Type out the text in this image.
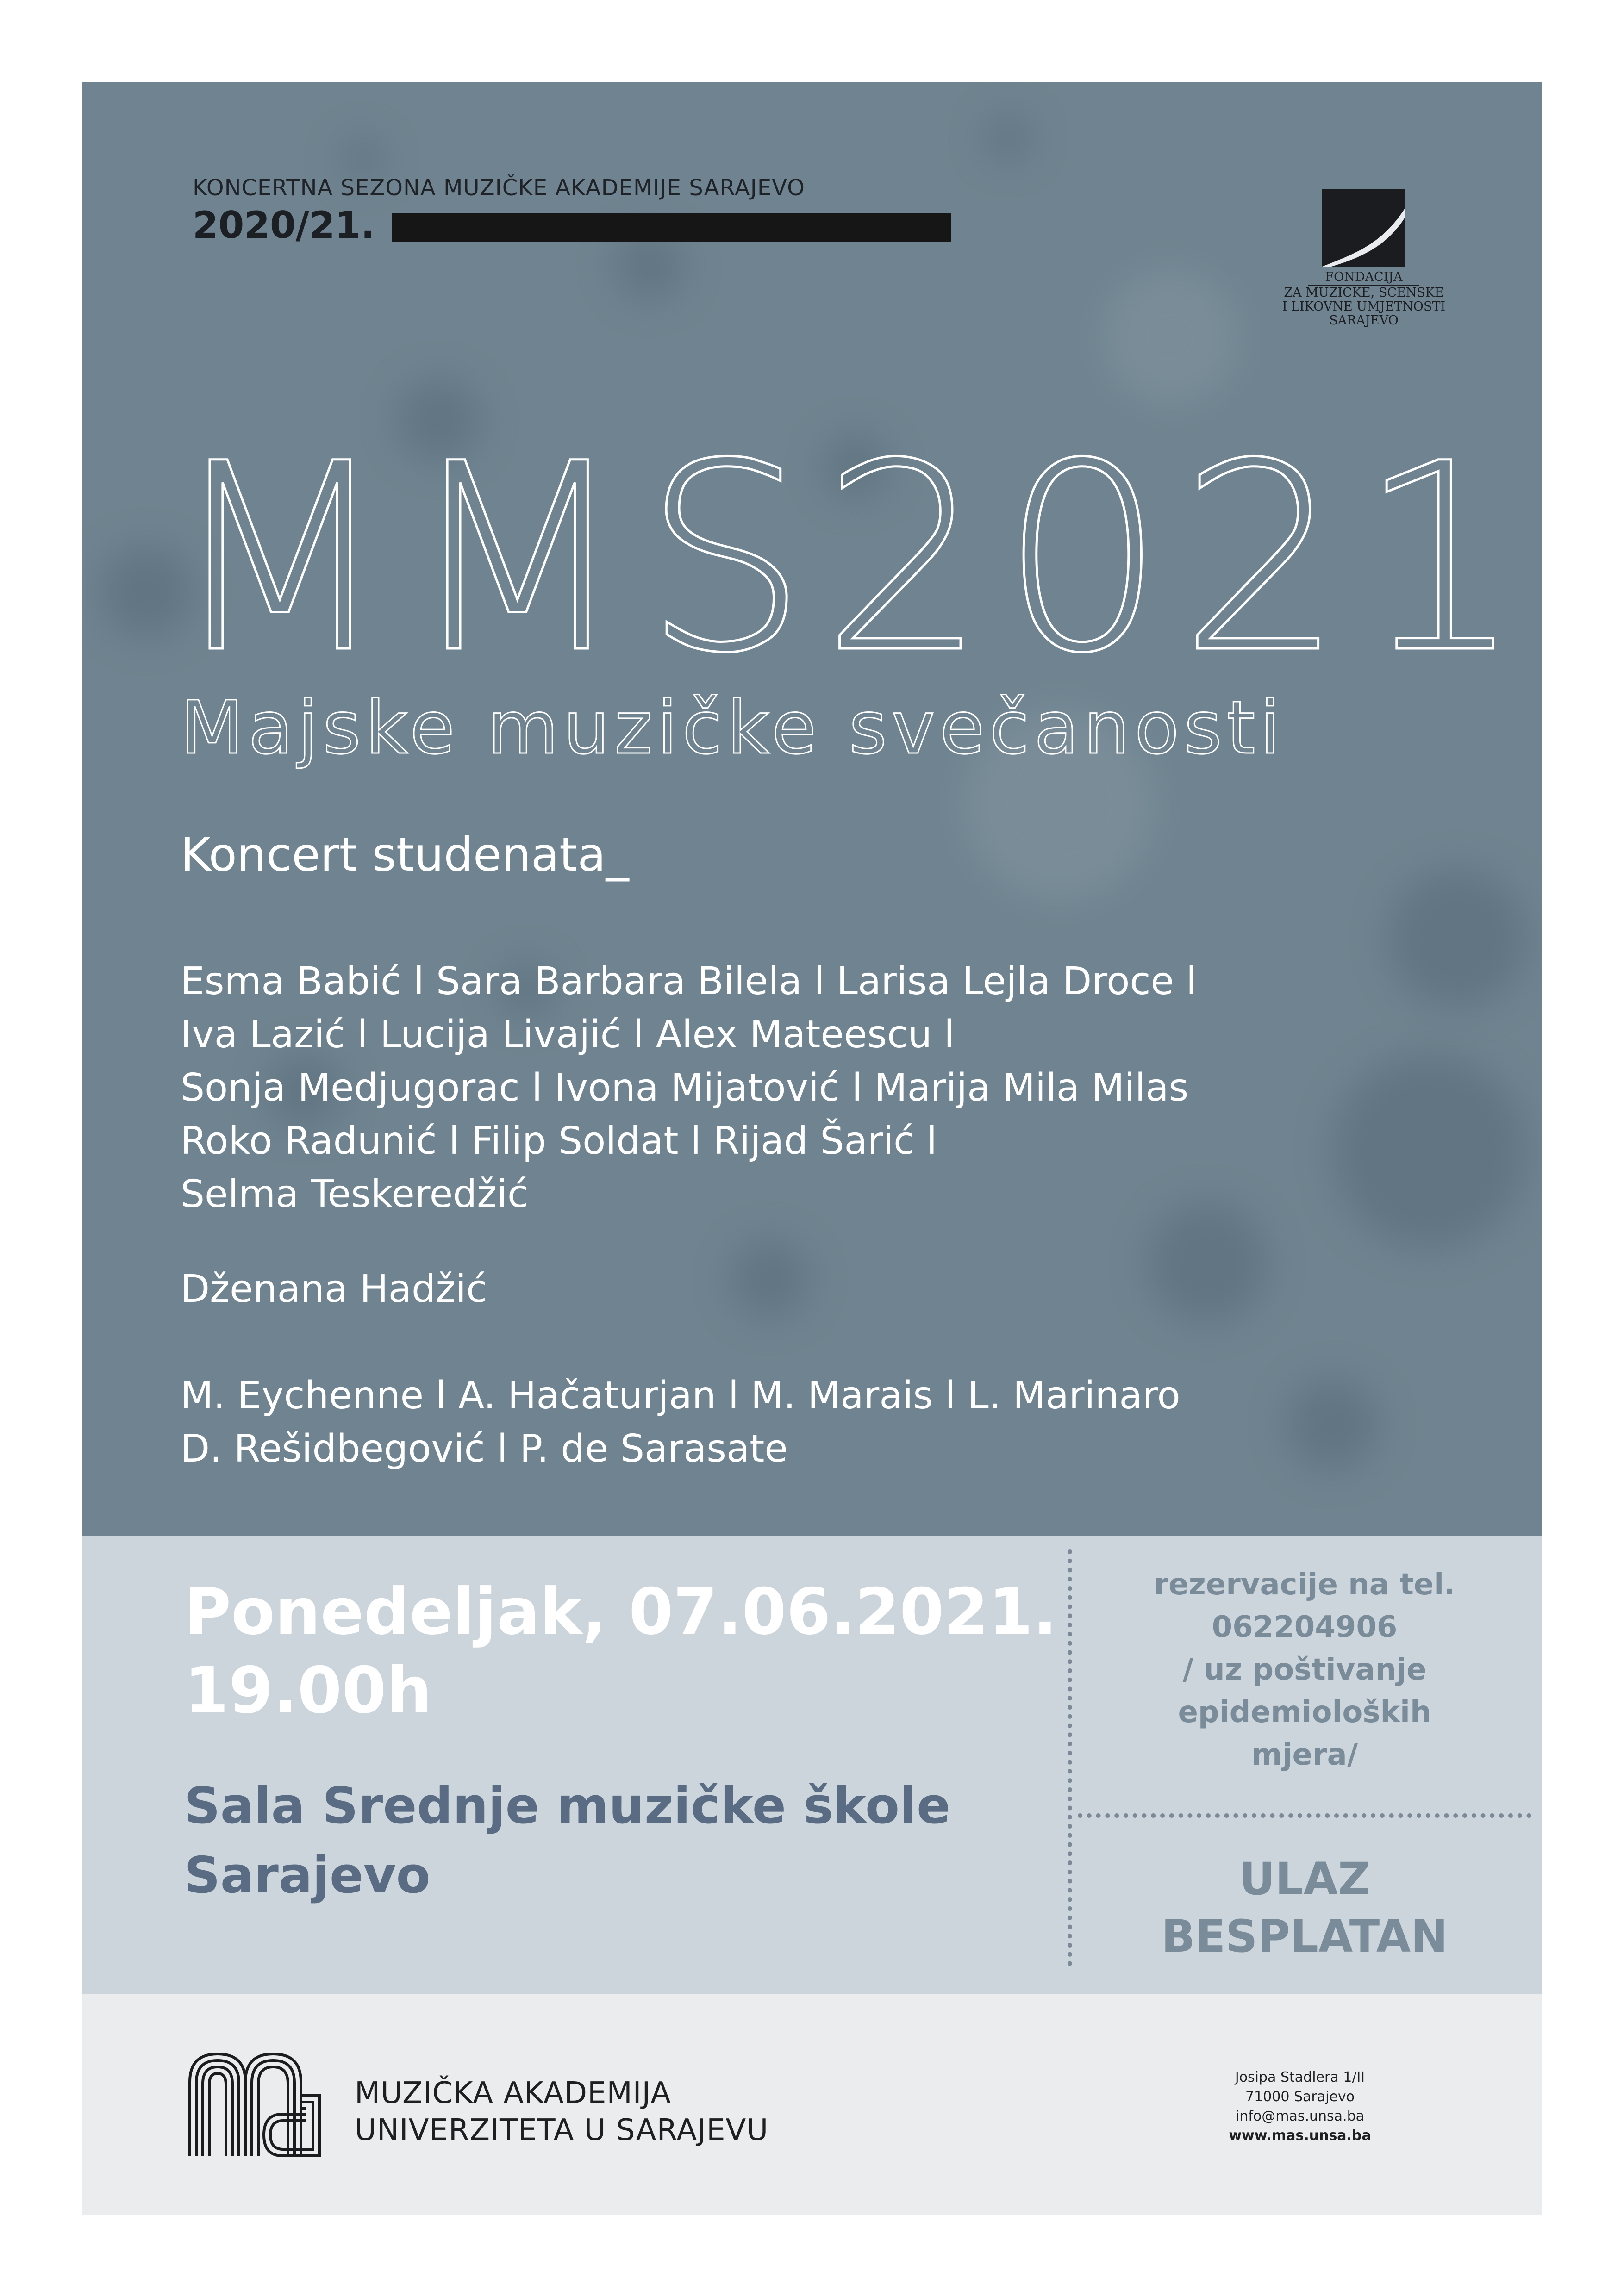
KONCERTNA SEZONA MUZIČKE AKADEMIJE SARAJEVO
2020/21.
FONDACIJA
ZA MUZIČKE, SCENSKE
I LIKOVNE UMJETNOSTI
SARAJEVO
MMS2021
Majske muzičke svečanosti
Koncert studenata_
Esma Babić l Sara Barbara Bilela l Larisa Lejla Droce l
Iva Lazić l Lucija Livajić l Alex Mateescu l
Sonja Medjugorac l Ivona Mijatović l Marija Mila Milas
Roko Radunić l Filip Soldat l Rijad Šarić l
Selma Teskeredžić
Dženana Hadžić
M. Eychenne l A. Hačaturjan l M. Marais l L. Marinaro
D. Rešidbegović l P. de Sarasate
Ponedeljak, 07.06.2021.
19.00h
Sala Srednje muzičke škole
Sarajevo
rezervacije na tel.
062204906
/ uz poštivanje
epidemioloških
mjera/
ULAZ
BESPLATAN
MUZIČKA AKADEMIJA
UNIVERZITETA U SARAJEVU
Josipa Stadlera 1/II
71000 Sarajevo
info@mas.unsa.ba
www.mas.unsa.ba
